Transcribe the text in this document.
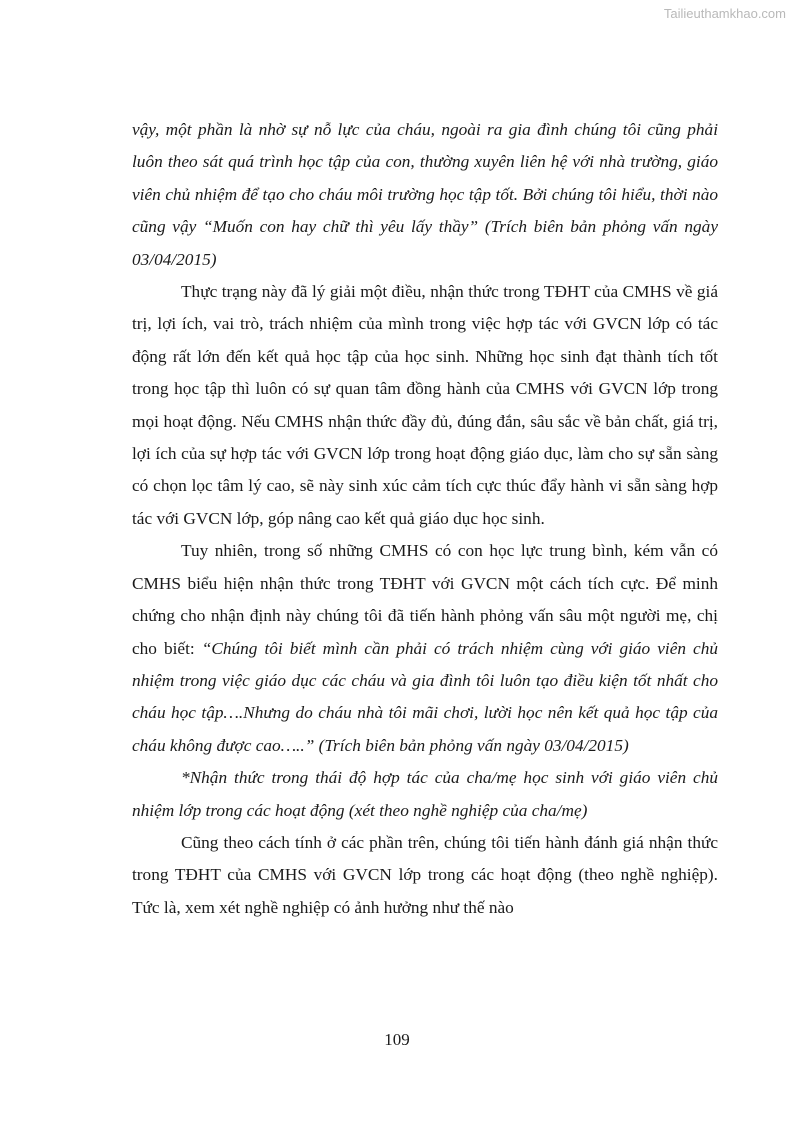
Tailieuthamkhao.com

vậy, một phần là nhờ sự nỗ lực của cháu, ngoài ra gia đình chúng tôi cũng phải luôn theo sát quá trình học tập của con, thường xuyên liên hệ với nhà trường, giáo viên chủ nhiệm để tạo cho cháu môi trường học tập tốt. Bởi chúng tôi hiểu, thời nào cũng vậy “Muốn con hay chữ thì yêu lấy thầy” (Trích biên bản phỏng vấn ngày 03/04/2015)

Thực trạng này đã lý giải một điều, nhận thức trong TĐHT của CMHS về giá trị, lợi ích, vai trò, trách nhiệm của mình trong việc hợp tác với GVCN lớp có tác động rất lớn đến kết quả học tập của học sinh. Những học sinh đạt thành tích tốt trong học tập thì luôn có sự quan tâm đồng hành của CMHS với GVCN lớp trong mọi hoạt động. Nếu CMHS nhận thức đầy đủ, đúng đắn, sâu sắc về bản chất, giá trị, lợi ích của sự hợp tác với GVCN lớp trong hoạt động giáo dục, làm cho sự sẵn sàng có chọn lọc tâm lý cao, sẽ này sinh xúc cảm tích cực thúc đẩy hành vi sẵn sàng hợp tác với GVCN lớp, góp nâng cao kết quả giáo dục học sinh.

Tuy nhiên, trong số những CMHS có con học lực trung bình, kém vẫn có CMHS biểu hiện nhận thức trong TĐHT với GVCN một cách tích cực. Để minh chứng cho nhận định này chúng tôi đã tiến hành phỏng vấn sâu một người mẹ, chị cho biết: “Chúng tôi biết mình cần phải có trách nhiệm cùng với giáo viên chủ nhiệm trong việc giáo dục các cháu và gia đình tôi luôn tạo điều kiện tốt nhất cho cháu học tập….Nhưng do cháu nhà tôi mãi chơi, lười học nên kết quả học tập của cháu không được cao…..” (Trích biên bản phỏng vấn ngày 03/04/2015)

*Nhận thức trong thái độ hợp tác của cha/mẹ học sinh với giáo viên chủ nhiệm lớp trong các hoạt động (xét theo nghề nghiệp của cha/mẹ)

Cũng theo cách tính ở các phần trên, chúng tôi tiến hành đánh giá nhận thức trong TĐHT của CMHS với GVCN lớp trong các hoạt động (theo nghề nghiệp). Tức là, xem xét nghề nghiệp có ảnh hưởng như thế nào

109
